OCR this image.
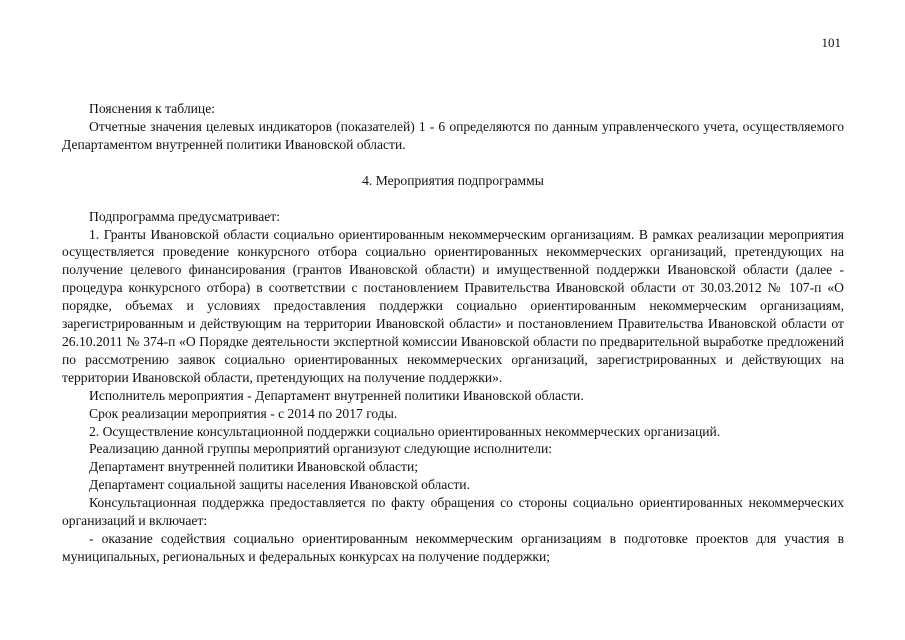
101

Пояснения к таблице:

Отчетные значения целевых индикаторов (показателей) 1 - 6 определяются по данным управленческого учета, осуществляемого Департаментом внутренней политики Ивановской области.

4. Мероприятия подпрограммы

Подпрограмма предусматривает:

1. Гранты Ивановской области социально ориентированным некоммерческим организациям. В рамках реализации мероприятия осуществляется проведение конкурсного отбора социально ориентированных некоммерческих организаций, претендующих на получение целевого финансирования (грантов Ивановской области) и имущественной поддержки Ивановской области (далее - процедура конкурсного отбора) в соответствии с постановлением Правительства Ивановской области от 30.03.2012 № 107-п «О порядке, объемах и условиях предоставления поддержки социально ориентированным некоммерческим организациям, зарегистрированным и действующим на территории Ивановской области» и постановлением Правительства Ивановской области от 26.10.2011 № 374-п «О Порядке деятельности экспертной комиссии Ивановской области по предварительной выработке предложений по рассмотрению заявок социально ориентированных некоммерческих организаций, зарегистрированных и действующих на территории Ивановской области, претендующих на получение поддержки».

Исполнитель мероприятия - Департамент внутренней политики Ивановской области.

Срок реализации мероприятия - с 2014 по 2017 годы.

2. Осуществление консультационной поддержки социально ориентированных некоммерческих организаций.

Реализацию данной группы мероприятий организуют следующие исполнители:

Департамент внутренней политики Ивановской области;

Департамент социальной защиты населения Ивановской области.

Консультационная поддержка предоставляется по факту обращения со стороны социально ориентированных некоммерческих организаций и включает:

- оказание содействия социально ориентированным некоммерческим организациям в подготовке проектов для участия в муниципальных, региональных и федеральных конкурсах на получение поддержки;
